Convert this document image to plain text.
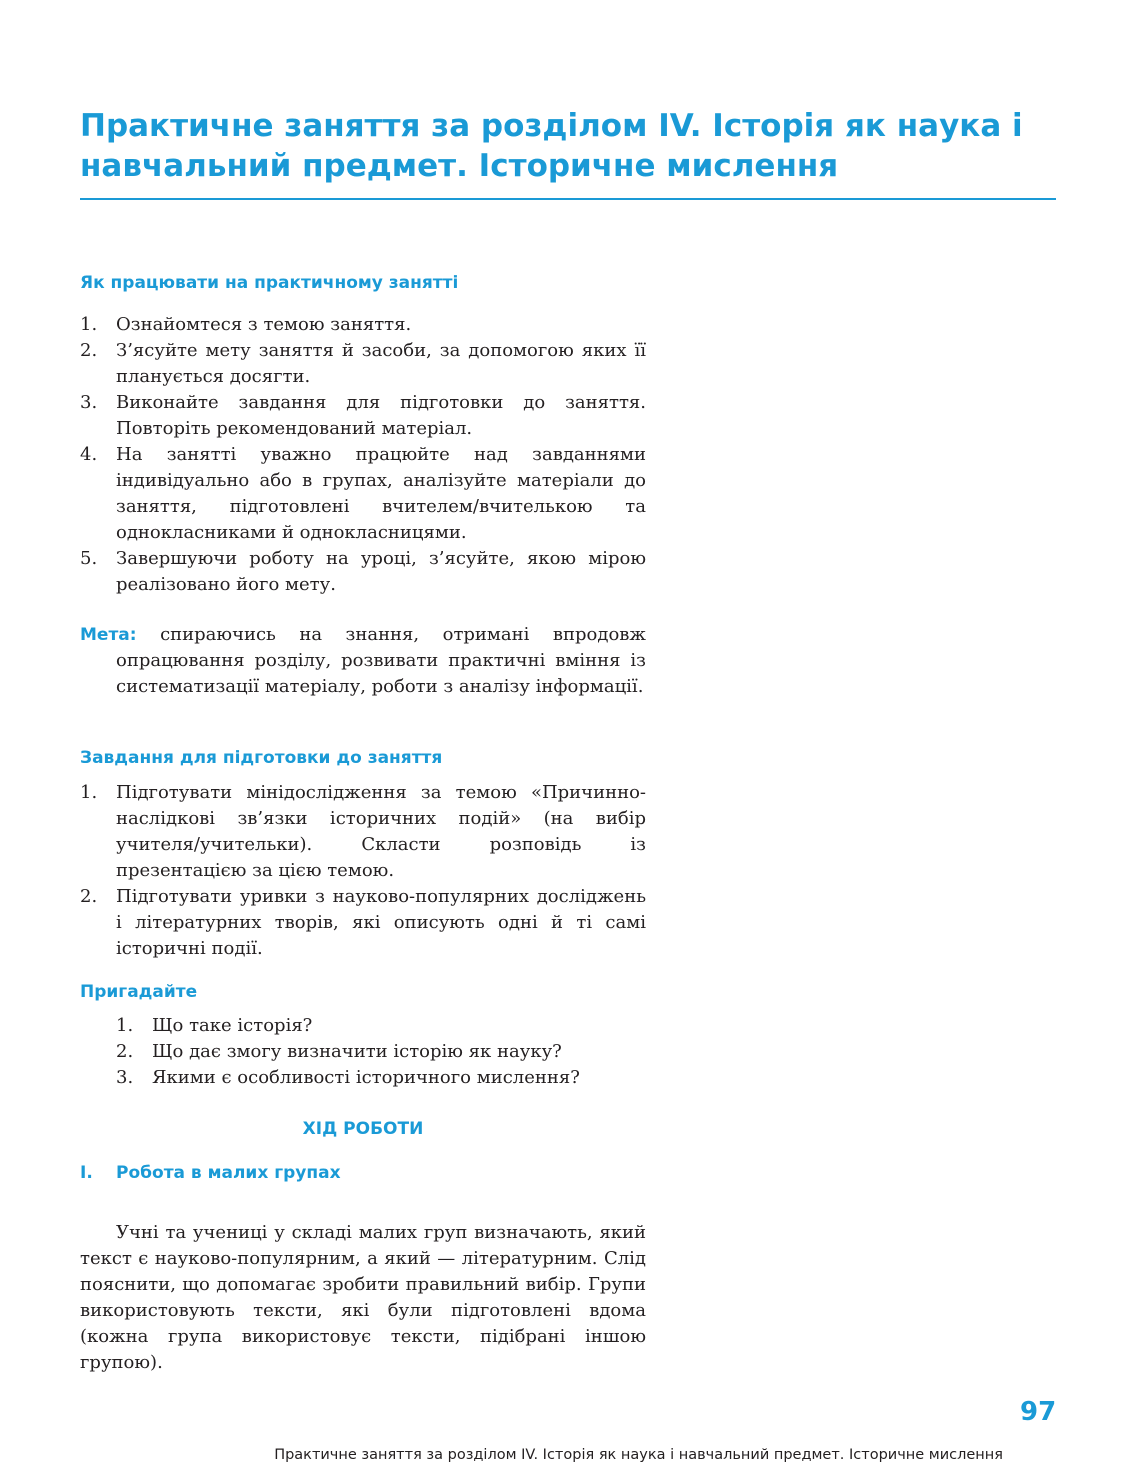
Практичне заняття за розділом IV. Історія як наука і навчальний предмет. Історичне мислення
Як працювати на практичному занятті
1. Ознайомтеся з темою заняття.
2. З’ясуйте мету заняття й засоби, за допомогою яких її планується досягти.
3. Виконайте завдання для підготовки до заняття. Повторіть рекомендований матеріал.
4. На занятті уважно працюйте над завданнями індивідуально або в групах, аналізуйте матеріали до заняття, підготовлені вчителем/вчителькою та однокласниками й однокласницями.
5. Завершуючи роботу на уроці, з’ясуйте, якою мірою реалізовано його мету.

Мета: спираючись на знання, отримані впродовж опрацювання розділу, розвивати практичні вміння із систематизації матеріалу, роботи з аналізу інформації.

Завдання для підготовки до заняття
1. Підготувати мінідослідження за темою «Причинно-наслідкові зв’язки історичних подій» (на вибір учителя/учительки). Скласти розповідь із презентацією за цією темою.
2. Підготувати уривки з науково-популярних досліджень і літературних творів, які описують одні й ті самі історичні події.
Пригадайте
1. Що таке історія?
2. Що дає змогу визначити історію як науку?
3. Якими є особливості історичного мислення?
ХІД РОБОТИ
I. Робота в малих групах

Учні та учениці у складі малих груп визначають, який текст є науково-популярним, а який — літературним. Слід пояснити, що допомагає зробити правильний вибір. Групи використовують тексти, які були підготовлені вдома (кожна група використовує тексти, підібрані іншою групою).

Практичне заняття за розділом IV. Історія як наука і навчальний предмет. Історичне мислення
97
